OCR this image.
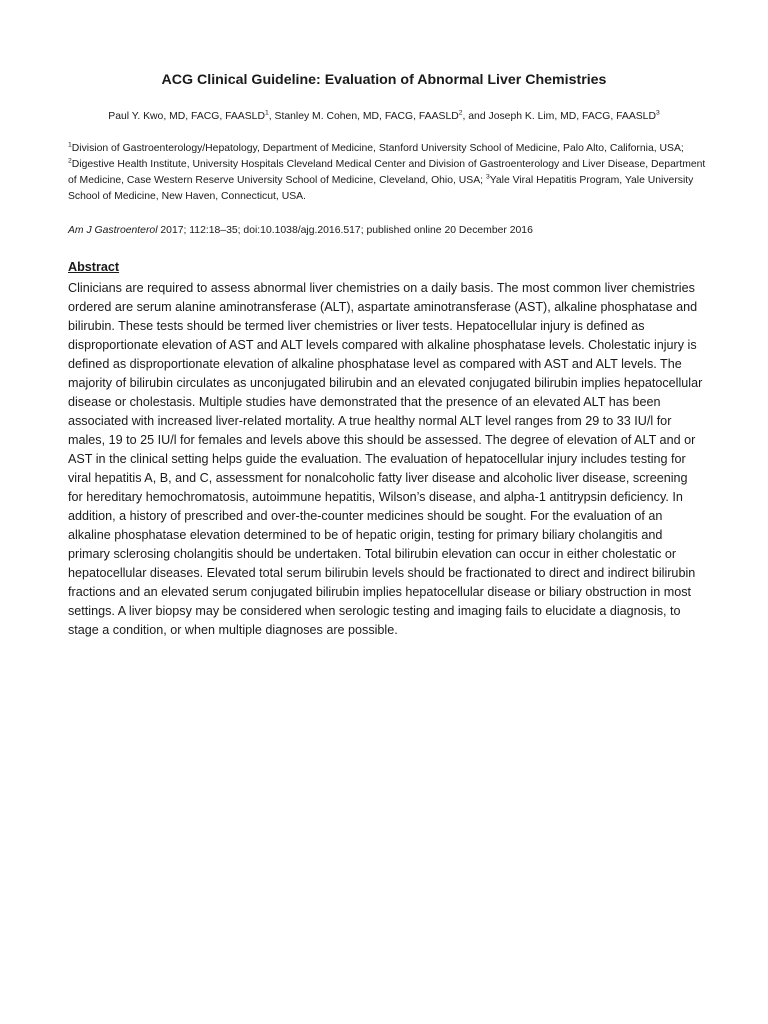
ACG Clinical Guideline: Evaluation of Abnormal Liver Chemistries
Paul Y. Kwo, MD, FACG, FAASLD$^1$, Stanley M. Cohen, MD, FACG, FAASLD$^2$, and Joseph K. Lim, MD, FACG, FAASLD$^3$
$^1$Division of Gastroenterology/Hepatology, Department of Medicine, Stanford University School of Medicine, Palo Alto, California, USA; $^2$Digestive Health Institute, University Hospitals Cleveland Medical Center and Division of Gastroenterology and Liver Disease, Department of Medicine, Case Western Reserve University School of Medicine, Cleveland, Ohio, USA; $^3$Yale Viral Hepatitis Program, Yale University School of Medicine, New Haven, Connecticut, USA.
Am J Gastroenterol 2017; 112:18–35; doi:10.1038/ajg.2016.517; published online 20 December 2016
Abstract
Clinicians are required to assess abnormal liver chemistries on a daily basis. The most common liver chemistries ordered are serum alanine aminotransferase (ALT), aspartate aminotransferase (AST), alkaline phosphatase and bilirubin. These tests should be termed liver chemistries or liver tests. Hepatocellular injury is defined as disproportionate elevation of AST and ALT levels compared with alkaline phosphatase levels. Cholestatic injury is defined as disproportionate elevation of alkaline phosphatase level as compared with AST and ALT levels. The majority of bilirubin circulates as unconjugated bilirubin and an elevated conjugated bilirubin implies hepatocellular disease or cholestasis. Multiple studies have demonstrated that the presence of an elevated ALT has been associated with increased liver-related mortality. A true healthy normal ALT level ranges from 29 to 33 IU/l for males, 19 to 25 IU/l for females and levels above this should be assessed. The degree of elevation of ALT and or AST in the clinical setting helps guide the evaluation. The evaluation of hepatocellular injury includes testing for viral hepatitis A, B, and C, assessment for nonalcoholic fatty liver disease and alcoholic liver disease, screening for hereditary hemochromatosis, autoimmune hepatitis, Wilson’s disease, and alpha-1 antitrypsin deficiency. In addition, a history of prescribed and over-the-counter medicines should be sought. For the evaluation of an alkaline phosphatase elevation determined to be of hepatic origin, testing for primary biliary cholangitis and primary sclerosing cholangitis should be undertaken. Total bilirubin elevation can occur in either cholestatic or hepatocellular diseases. Elevated total serum bilirubin levels should be fractionated to direct and indirect bilirubin fractions and an elevated serum conjugated bilirubin implies hepatocellular disease or biliary obstruction in most settings. A liver biopsy may be considered when serologic testing and imaging fails to elucidate a diagnosis, to stage a condition, or when multiple diagnoses are possible.
